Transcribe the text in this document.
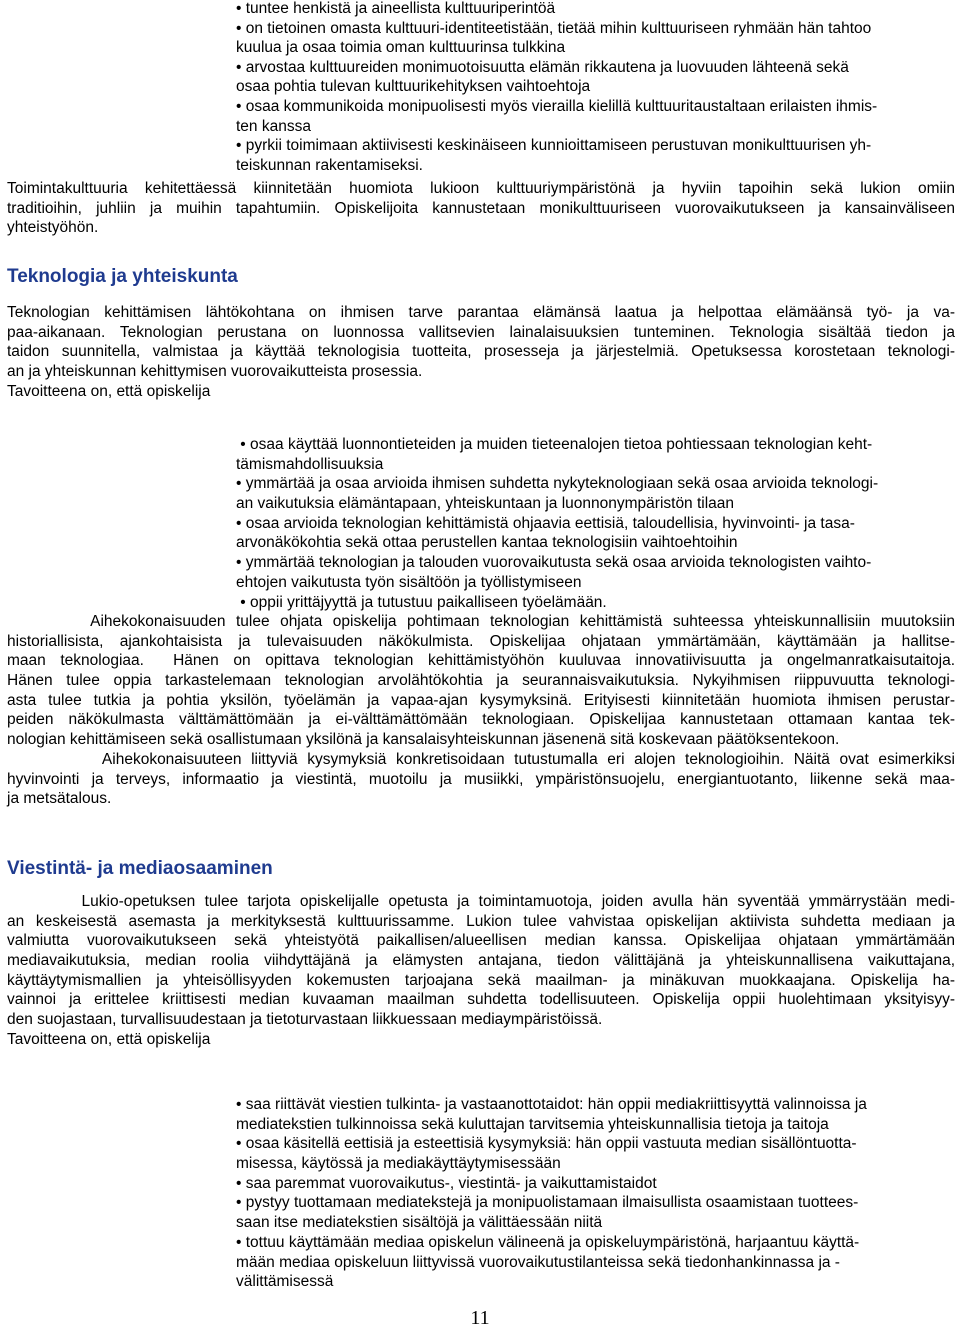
• tuntee henkistä ja aineellista kulttuuriperintöä
• on tietoinen omasta kulttuuri-identiteetistään, tietää mihin kulttuuriseen ryhmään hän tahtoo
kuulua ja osaa toimia oman kulttuurinsa tulkkina
• arvostaa kulttuureiden monimuotoisuutta elämän rikkautena ja luovuuden lähteenä sekä
osaa pohtia tulevan kulttuurikehityksen vaihtoehtoja
• osaa kommunikoida monipuolisesti myös vierailla kielillä kulttuuritaustaltaan erilaisten ihmis-
ten kanssa
• pyrkii toimimaan aktiivisesti keskinäiseen kunnioittamiseen perustuvan monikulttuurisen yh-
teiskunnan rakentamiseksi.
Toimintakulttuuria kehitettäessä kiinnitetään huomiota lukioon kulttuuriympäristönä ja hyviin tapoihin sekä lukion omiin
traditioihin, juhliin ja muihin tapahtumiin. Opiskelijoita kannustetaan monikulttuuriseen vuorovaikutukseen ja kansainväliseen
yhteistyöhön.
Teknologia ja yhteiskunta
Teknologian kehittämisen lähtökohtana on ihmisen tarve parantaa elämänsä laatua ja helpottaa elämäänsä työ- ja va-
paa-aikanaan. Teknologian perustana on luonnossa vallitsevien lainalaisuuksien tunteminen. Teknologia sisältää tiedon ja
taidon suunnitella, valmistaa ja käyttää teknologisia tuotteita, prosesseja ja järjestelmiä. Opetuksessa korostetaan teknologi-
an ja yhteiskunnan kehittymisen vuorovaikutteista prosessia.
Tavoitteena on, että opiskelija
• osaa käyttää luonnontieteiden ja muiden tieteenalojen tietoa pohtiessaan teknologian keht-
tämismahdollisuuksia
• ymmärtää ja osaa arvioida ihmisen suhdetta nykyteknologiaan sekä osaa arvioida teknologi-
an vaikutuksia elämäntapaan, yhteiskuntaan ja luonnonympäristön tilaan
• osaa arvioida teknologian kehittämistä ohjaavia eettisiä, taloudellisia, hyvinvointi- ja tasa-
arvonäkökohtia sekä ottaa perustellen kantaa teknologisiin vaihtoehtoihin
• ymmärtää teknologian ja talouden vuorovaikutusta sekä osaa arvioida teknologisten vaihto-
ehtojen vaikutusta työn sisältöön ja työllistymiseen
• oppii yrittäjyyttä ja tutustuu paikalliseen työelämään.
Aihekokonaisuuden tulee ohjata opiskelija pohtimaan teknologian kehittämistä suhteessa yhteiskunnallisiin muutoksiin
historiallisista, ajankohtaisista ja tulevaisuuden näkökulmista. Opiskelijaa ohjataan ymmärtämään, käyttämään ja hallitse-
maan teknologiaa.  Hänen on opittava teknologian kehittämistyöhön kuuluvaa innovatiivisuutta ja ongelmanratkaisutaitoja.
Hänen tulee oppia tarkastelemaan teknologian arvolähtökohtia ja seurannaisvaikutuksia. Nykyihmisen riippuvuutta teknologi-
asta tulee tutkia ja pohtia yksilön, työelämän ja vapaa-ajan kysymyksinä. Erityisesti kiinnitetään huomiota ihmisen perustar-
peiden näkökulmasta välttämättömään ja ei-välttämättömään teknologiaan. Opiskelijaa kannustetaan ottamaan kantaa tek-
nologian kehittämiseen sekä osallistumaan yksilönä ja kansalaisyhteiskunnan jäsenenä sitä koskevaan päätöksentekoon.
Aihekokonaisuuteen liittyviä kysymyksiä konkretisoidaan tutustumalla eri alojen teknologioihin. Näitä ovat esimerkiksi
hyvinvointi ja terveys, informaatio ja viestintä, muotoilu ja musiikki, ympäristönsuojelu, energiantuotanto, liikenne sekä maa-
ja metsätalous.
Viestintä- ja mediaosaaminen
Lukio-opetuksen tulee tarjota opiskelijalle opetusta ja toimintamuotoja, joiden avulla hän syventää ymmärrystään medi-
an keskeisestä asemasta ja merkityksestä kulttuurissamme. Lukion tulee vahvistaa opiskelijan aktiivista suhdetta mediaan ja
valmiutta vuorovaikutukseen sekä yhteistyötä paikallisen/alueellisen median kanssa. Opiskelijaa ohjataan ymmärtämään
mediavaikutuksia, median roolia viihdyttäjänä ja elämysten antajana, tiedon välittäjänä ja yhteiskunnallisena vaikuttajana,
käyttäytymismallien ja yhteisöllisyyden kokemusten tarjoajana sekä maailman- ja minäkuvan muokkaajana. Opiskelija ha-
vainnoi ja erittelee kriittisesti median kuvaaman maailman suhdetta todellisuuteen. Opiskelija oppii huolehtimaan yksityisyy-
den suojastaan, turvallisuudestaan ja tietoturvastaan liikkuessaan mediaympäristöissä.
Tavoitteena on, että opiskelija
• saa riittävät viestien tulkinta- ja vastaanottotaidot: hän oppii mediakriittisyyttä valinnoissa ja
mediatekstien tulkinnoissa sekä kuluttajan tarvitsemia yhteiskunnallisia tietoja ja taitoja
• osaa käsitellä eettisiä ja esteettisiä kysymyksiä: hän oppii vastuuta median sisällöntuotta-
misessa, käytössä ja mediakäyttäytymisessään
• saa paremmat vuorovaikutus-, viestintä- ja vaikuttamistaidot
• pystyy tuottamaan mediatekstejä ja monipuolistamaan ilmaisullista osaamistaan tuottees-
saan itse mediatekstien sisältöjä ja välittäessään niitä
• tottuu käyttämään mediaa opiskelun välineenä ja opiskeluympäristönä, harjaantuu käyttä-
mään mediaa opiskeluun liittyvissä vuorovaikutustilanteissa sekä tiedonhankinnassa ja -
välittämisessä
11
